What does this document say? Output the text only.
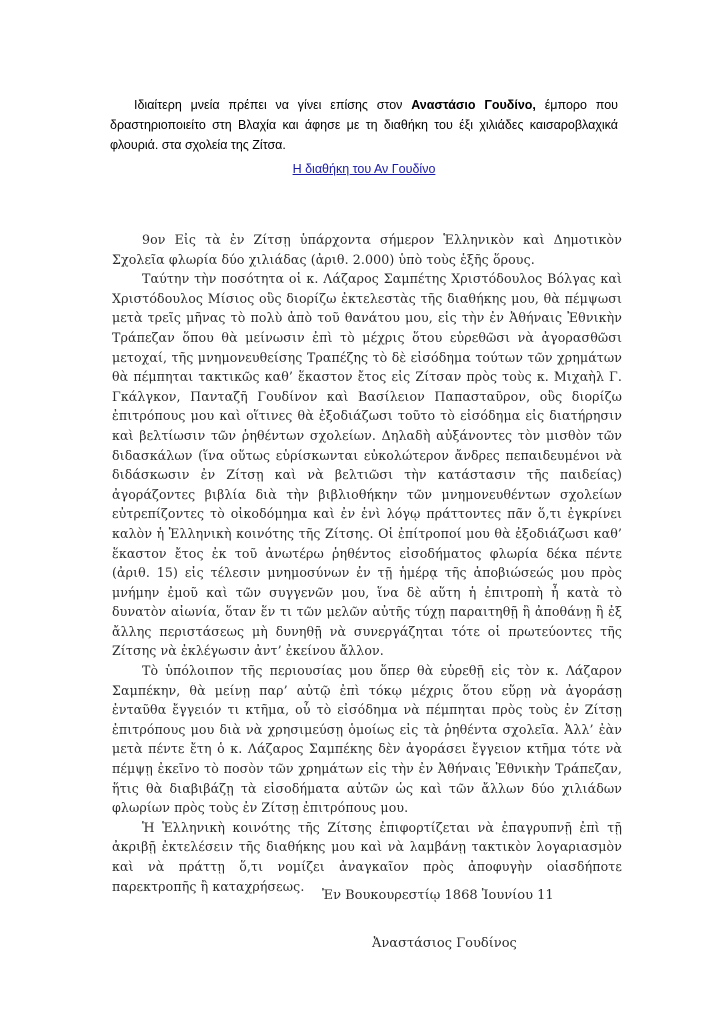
Ιδιαίτερη μνεία πρέπει να γίνει επίσης στον Αναστάσιο Γουδίνο, έμπορο που δραστηριοποιείτο στη Βλαχία και άφησε με τη διαθήκη του έξι χιλιάδες καισαροβλαχικά φλουριά. στα σχολεία της Ζίτσα.

Η διαθήκη του Αν Γουδίνο

9ον Εἰς τὰ ἐν Ζίτσῃ ὑπάρχοντα σήμερον Ἑλληνικὸν καὶ Δημοτικὸν Σχολεῖα φλωρία δύο χιλιάδας (ἀριθ. 2.000) ὑπὸ τοὺς ἑξῆς ὅρους.

Ταύτην τὴν ποσότητα οἱ κ. Λάζαρος Σαμπέτης Χριστόδουλος Βόλγας καὶ Χριστόδουλος Μίσιος οὓς διορίζω ἐκτελεστὰς τῆς διαθήκης μου, θὰ πέμψωσι μετὰ τρεῖς μῆνας τὸ πολὺ ἀπὸ τοῦ θανάτου μου, εἰς τὴν ἐν Ἀθήναις Ἐθνικὴν Τράπεζαν ὅπου θὰ μείνωσιν ἐπὶ τὸ μέχρις ὅτου εὑρεθῶσι νὰ ἀγορασθῶσι μετοχαί, τῆς μνημονευθείσης Τραπέζης τὸ δὲ εἰσόδημα τούτων τῶν χρημάτων θὰ πέμπηται τακτικῶς καθ’ ἕκαστον ἔτος εἰς Ζίτσαν πρὸς τοὺς κ. Μιχαὴλ Γ. Γκάλγκον, Πανταζῆ Γουδίνον καὶ Βασίλειον Παπασταῦρον, οὓς διορίζω ἐπιτρόπους μου καὶ οἵτινες θὰ ἐξοδιάζωσι τοῦτο τὸ εἰσόδημα εἰς διατήρησιν καὶ βελτίωσιν τῶν ῥηθέντων σχολείων. Δηλαδὴ αὐξάνοντες τὸν μισθὸν τῶν διδασκάλων (ἵνα οὕτως εὑρίσκωνται εὐκολώτερον ἄνδρες πεπαιδευμένοι νὰ διδάσκωσιν ἐν Ζίτσῃ καὶ νὰ βελτιῶσι τὴν κατάστασιν τῆς παιδείας) ἀγοράζοντες βιβλία διὰ τὴν βιβλιοθήκην τῶν μνημονευθέντων σχολείων εὐτρεπίζοντες τὸ οἰκοδόμημα καὶ ἐν ἑνὶ λόγῳ πράττοντες πᾶν ὅ,τι ἐγκρίνει καλὸν ἡ Ἑλληνικὴ κοινότης τῆς Ζίτσης. Οἱ ἐπίτροποί μου θὰ ἐξοδιάζωσι καθ’ ἕκαστον ἔτος ἐκ τοῦ ἀνωτέρω ῥηθέντος εἰσοδήματος φλωρία δέκα πέντε (ἀριθ. 15) εἰς τέλεσιν μνημοσύνων ἐν τῇ ἡμέρᾳ τῆς ἀποβιώσεώς μου πρὸς μνήμην ἐμοῦ καὶ τῶν συγγενῶν μου, ἵνα δὲ αὕτη ἡ ἐπιτροπὴ ἦ κατὰ τὸ δυνατὸν αἰωνία, ὅταν ἕν τι τῶν μελῶν αὐτῆς τύχῃ παραιτηθῇ ἢ ἀποθάνῃ ἢ ἐξ ἄλλης περιστάσεως μὴ δυνηθῇ νὰ συνεργάζηται τότε οἱ πρωτεύοντες τῆς Ζίτσης νὰ ἐκλέγωσιν ἀντ’ ἐκείνου ἄλλον.

Τὸ ὑπόλοιπον τῆς περιουσίας μου ὅπερ θὰ εὑρεθῇ εἰς τὸν κ. Λάζαρον Σαμπέκην, θὰ μείνῃ παρ’ αὐτῷ ἐπὶ τόκῳ μέχρις ὅτου εὕρῃ νὰ ἀγοράσῃ ἐνταῦθα ἔγγειόν τι κτῆμα, οὗ τὸ εἰσόδημα νὰ πέμπηται πρὸς τοὺς ἐν Ζίτσῃ ἐπιτρόπους μου διὰ νὰ χρησιμεύσῃ ὁμοίως εἰς τὰ ῥηθέντα σχολεῖα. Ἀλλ’ ἐὰν μετὰ πέντε ἔτη ὁ κ. Λάζαρος Σαμπέκης δὲν ἀγοράσει ἔγγειον κτῆμα τότε νὰ πέμψῃ ἐκεῖνο τὸ ποσὸν τῶν χρημάτων εἰς τὴν ἐν Ἀθήναις Ἐθνικὴν Τράπεζαν, ἥτις θὰ διαβιβάζῃ τὰ εἰσοδήματα αὐτῶν ὡς καὶ τῶν ἄλλων δύο χιλιάδων φλωρίων πρὸς τοὺς ἐν Ζίτσῃ ἐπιτρόπους μου.

Ἡ Ἑλληνικὴ κοινότης τῆς Ζίτσης ἐπιφορτίζεται νὰ ἐπαγρυπνῇ ἐπὶ τῇ ἀκριβῇ ἐκτελέσειν τῆς διαθήκης μου καὶ νὰ λαμβάνῃ τακτικὸν λογαριασμὸν καὶ νὰ πράττῃ ὅ,τι νομίζει ἀναγκαῖον πρὸς ἀποφυγὴν οἱασδήποτε παρεκτροπῆς ἢ καταχρήσεως.

Ἐν Βουκουρεστίῳ 1868 Ἰουνίου 11
Ἀναστάσιος Γουδίνος
